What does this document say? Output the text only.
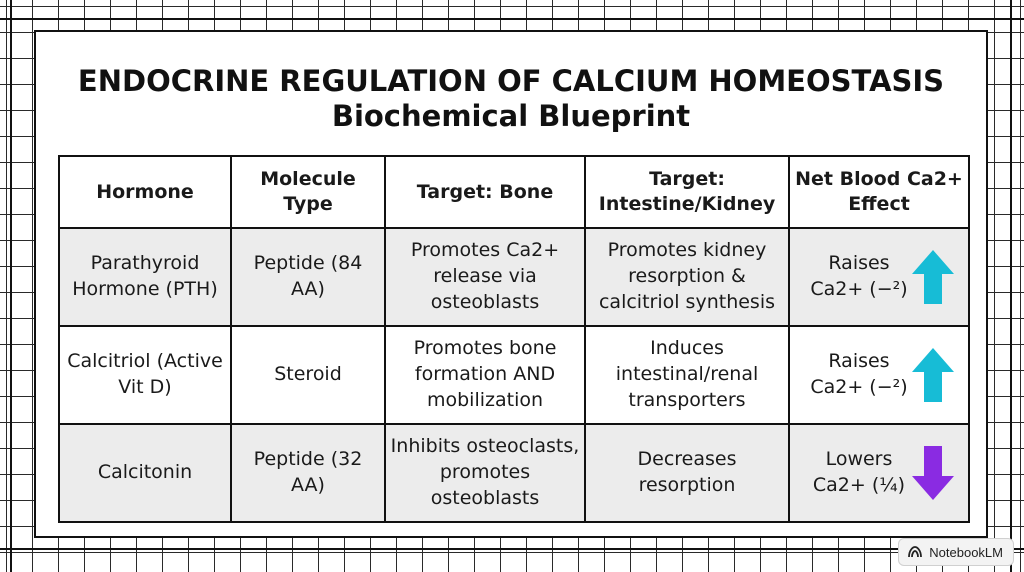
ENDOCRINE REGULATION OF CALCIUM HOMEOSTASIS
Biochemical Blueprint
Hormone	Molecule Type	Target: Bone	Target: Intestine/Kidney	Net Blood Ca2+ Effect
Parathyroid Hormone (PTH)	Peptide (84 AA)	Promotes Ca2+ release via osteoblasts	Promotes kidney resorption & calcitriol synthesis	Raises Ca2+ (−²)

Calcitriol (Active Vit D)	Steroid	Promotes bone formation AND mobilization	Induces intestinal/renal transporters	Raises Ca2+ (−²)

Calcitonin	Peptide (32 AA)	Inhibits osteoclasts, promotes osteoblasts	Decreases resorption	Lowers Ca2+ (¼)
NotebookLM
